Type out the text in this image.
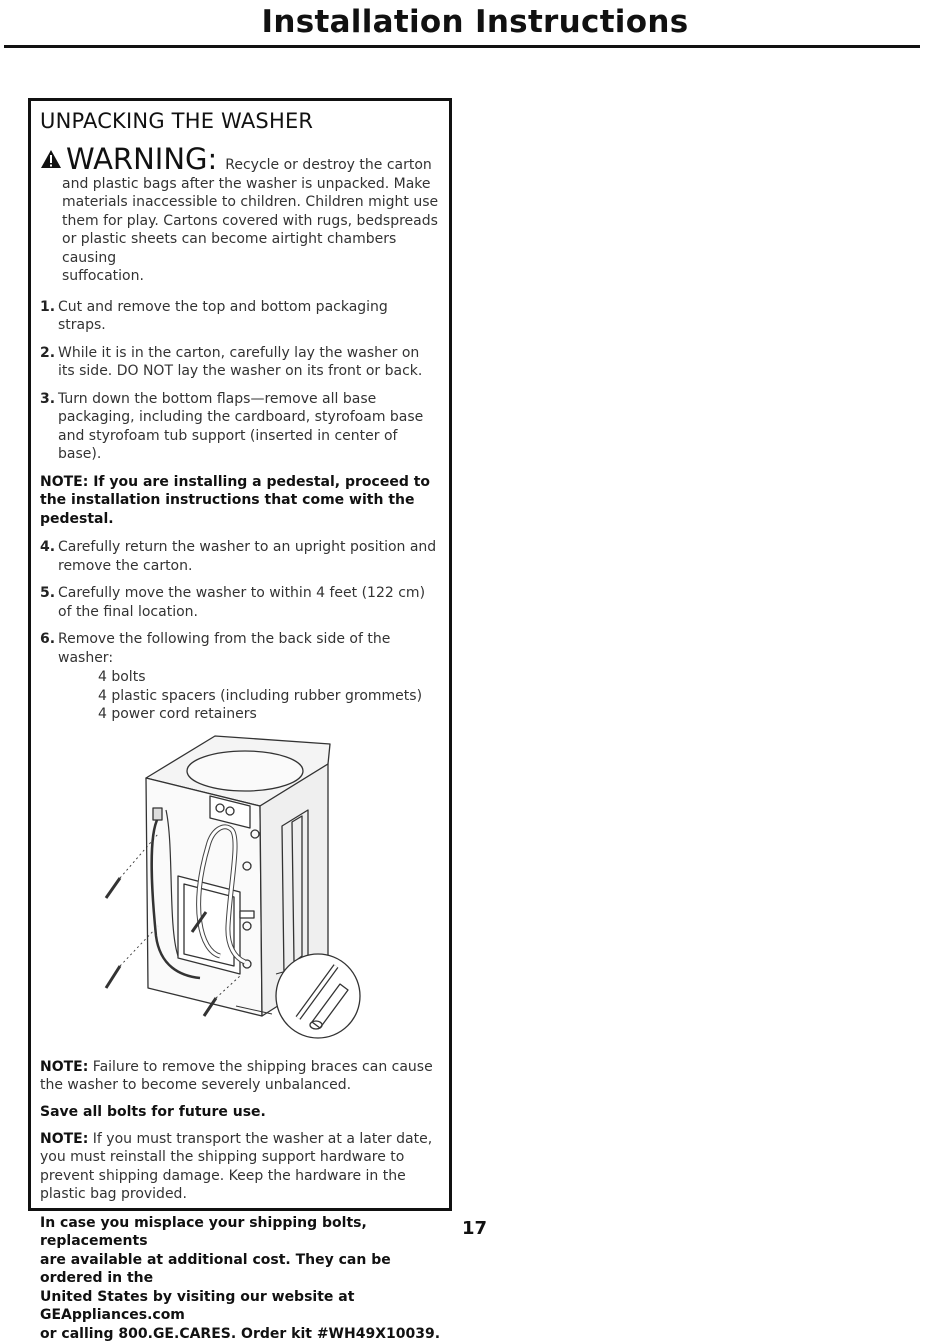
Installation Instructions
UNPACKING THE WASHER
WARNING: Recycle or destroy the carton
and plastic bags after the washer is unpacked. Make
materials inaccessible to children. Children might use
them for play. Cartons covered with rugs, bedspreads
or plastic sheets can become airtight chambers causing
suffocation.
1. Cut and remove the top and bottom packaging straps.
2. While it is in the carton, carefully lay the washer on its side. DO NOT lay the washer on its front or back.
3. Turn down the bottom flaps—remove all base packaging, including the cardboard, styrofoam base and styrofoam tub support (inserted in center of base).
NOTE: If you are installing a pedestal, proceed to
the installation instructions that come with the pedestal.
4. Carefully return the washer to an upright position and remove the carton.
5. Carefully move the washer to within 4 feet (122 cm) of the final location.
6. Remove the following from the back side of the washer:
4 bolts
4 plastic spacers (including rubber grommets)
4 power cord retainers
NOTE: Failure to remove the shipping braces can cause the washer to become severely unbalanced.
Save all bolts for future use.
NOTE: If you must transport the washer at a later date, you must reinstall the shipping support hardware to prevent shipping damage. Keep the hardware in the plastic bag provided.
In case you misplace your shipping bolts, replacements
are available at additional cost. They can be ordered in the
United States by visiting our website at GEAppliances.com
or calling 800.GE.CARES. Order kit #WH49X10039.
17
